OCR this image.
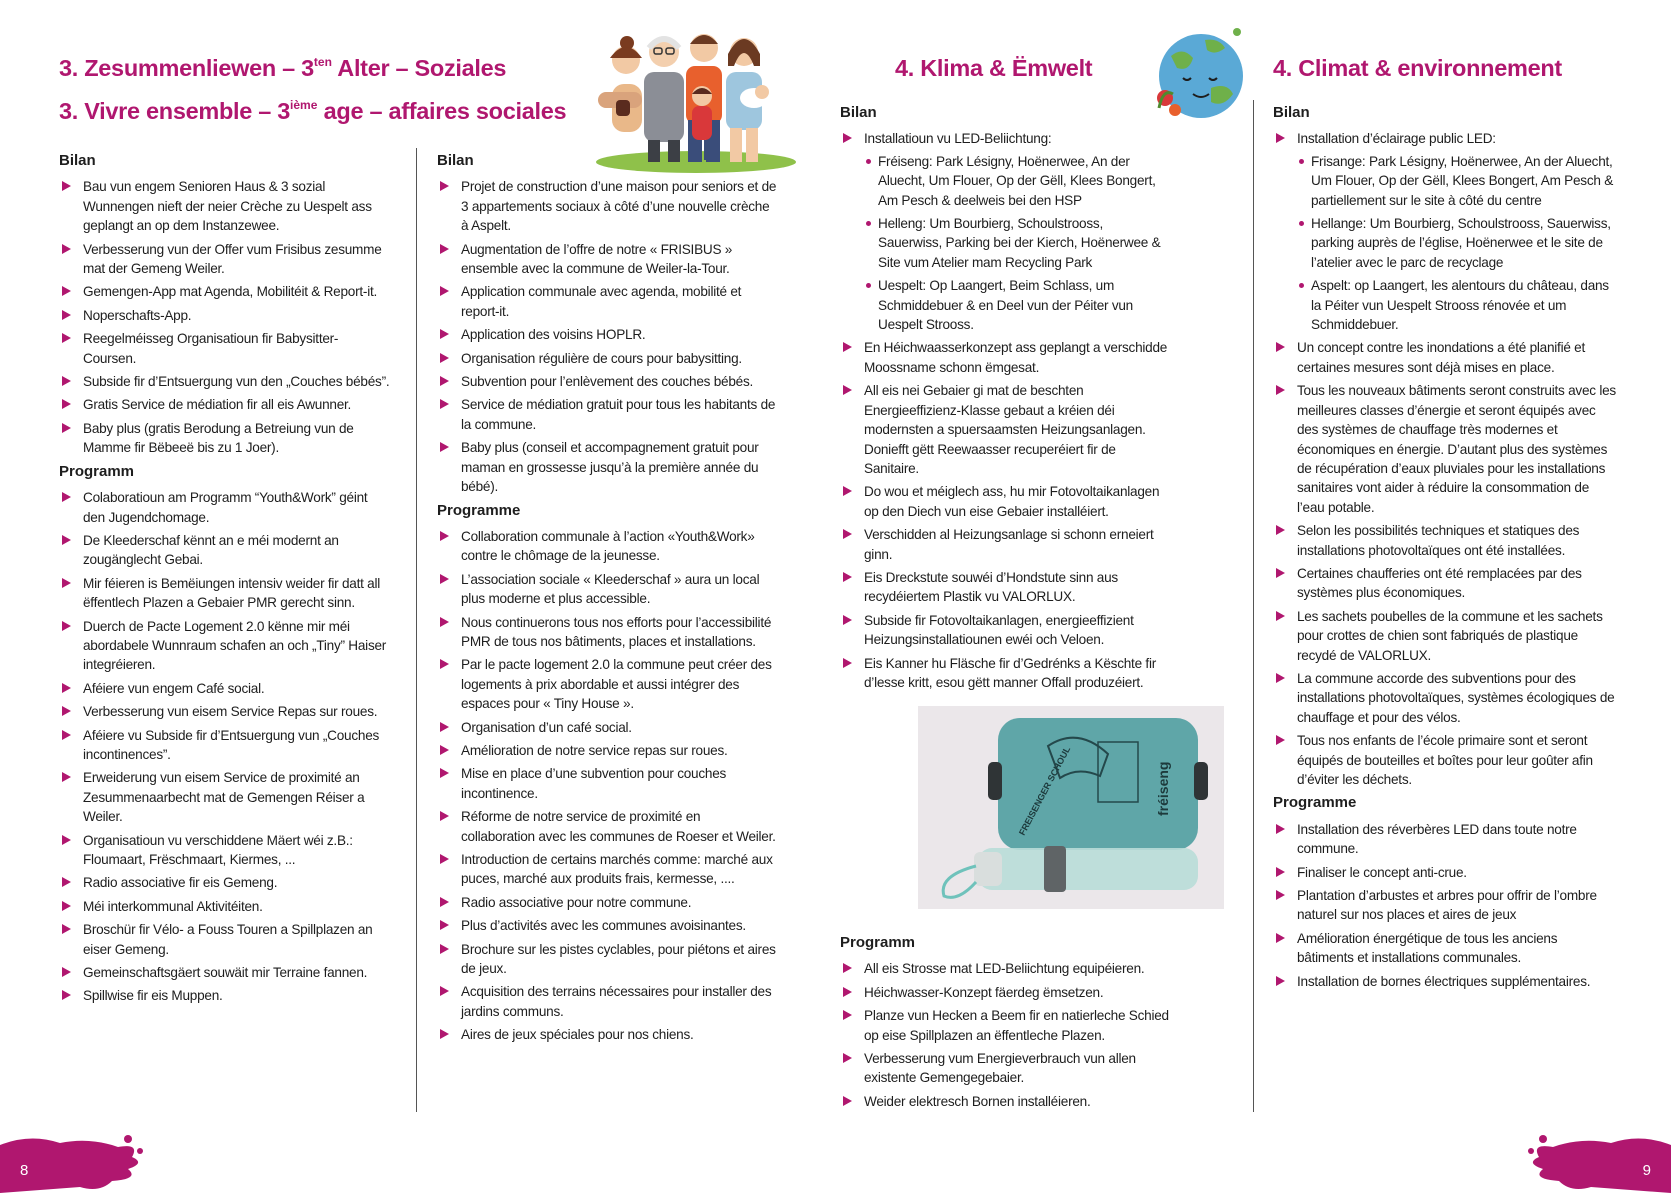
3. Zesummenliewen – $3^{ten}$ Alter – Soziales
3. Vivre ensemble – 3ième age – affaires sociales
Bilan
Bau vun engem Senioren Haus & 3 sozial Wunnengen nieft der neier Crèche zu Uespelt ass geplangt an op dem Instanzewee.
Verbesserung vun der Offer vum Frisibus zesumme mat der Gemeng Weiler.
Gemengen-App mat Agenda, Mobilitéit & Report-it.
Noperschafts-App.
Reegelméisseg Organisatioun fir Babysitter-Coursen.
Subside fir d’Entsuergung vun den „Couches bébés”.
Gratis Service de médiation fir all eis Awunner.
Baby plus (gratis Berodung a Betreiung vun de Mamme fir Bëbeeë bis zu 1 Joer).
Programm
Colaboratioun am Programm “Youth&Work” géint den Jugendchomage.
De Kleederschaf kënnt an e méi modernt an zougänglecht Gebai.
Mir féieren is Bemëiungen intensiv weider fir datt all ëffentlech Plazen a Gebaier PMR gerecht sinn.
Duerch de Pacte Logement 2.0 kënne mir méi abordabele Wunnraum schafen an och „Tiny” Haiser integréieren.
Aféiere vun engem Café social.
Verbesserung vun eisem Service Repas sur roues.
Aféiere vu Subside fir d’Entsuergung vun „Couches incontinences”.
Erweiderung vun eisem Service de proximité an Zesummenaarbecht mat de Gemengen Réiser a Weiler.
Organisatioun vu verschiddene Mäert wéi z.B.: Floumaart, Frëschmaart, Kiermes, ...
Radio associative fir eis Gemeng.
Méi interkommunal Aktivitéiten.
Broschür fir Vélo- a Fouss Touren a Spillplazen an eiser Gemeng.
Gemeinschaftsgäert souwäit mir Terraine fannen.
Spillwise fir eis Muppen.
Bilan
Projet de construction d’une maison pour seniors et de 3 appartements sociaux à côté d’une nouvelle crèche à Aspelt.
Augmentation de l’offre de notre « FRISIBUS » ensemble avec la commune de Weiler-la-Tour.
Application communale avec agenda, mobilité et report-it.
Application des voisins HOPLR.
Organisation régulière de cours pour babysitting.
Subvention pour l’enlèvement des couches bébés.
Service de médiation gratuit pour tous les habitants de la commune.
Baby plus (conseil et accompagnement gratuit pour maman en grossesse jusqu’à la première année du bébé).
Programme
Collaboration communale à l’action «Youth&Work» contre le chômage de la jeunesse.
L’association sociale « Kleederschaf » aura un local plus moderne et plus accessible.
Nous continuerons tous nos efforts pour l’accessibilité PMR de tous nos bâtiments, places et installations.
Par le pacte logement 2.0 la commune peut créer des logements à prix abordable et aussi intégrer des espaces pour « Tiny House ».
Organisation d’un café social.
Amélioration de notre service repas sur roues.
Mise en place d’une subvention pour couches incontinence.
Réforme de notre service de proximité en collaboration avec les communes de Roeser et Weiler.
Introduction de certains marchés comme: marché aux puces, marché aux produits frais, kermesse, ....
Radio associative pour notre commune.
Plus d’activités avec les communes avoisinantes.
Brochure sur les pistes cyclables, pour piétons et aires de jeux.
Acquisition des terrains nécessaires pour installer des jardins communs.
Aires de jeux spéciales pour nos chiens.
8
4. Klima & Ëmwelt	4. Climat & environnement
Bilan
Installatioun vu LED-Beliichtung:
Fréiseng: Park Lésigny, Hoënerwee, An der Aluecht, Um Flouer, Op der Gëll, Klees Bongert, Am Pesch & deelweis bei den HSP
Helleng: Um Bourbierg, Schoulstrooss, Sauerwiss, Parking bei der Kierch, Hoënerwee & Site vum Atelier mam Recycling Park
Uespelt: Op Laangert, Beim Schlass, um Schmiddebuer & en Deel vun der Péiter vun Uespelt Strooss.
En Héichwaasserkonzept ass geplangt a verschidde Moossname schonn ëmgesat.
All eis nei Gebaier gi mat de beschten Energieeffizienz-Klasse gebaut a kréien déi modernsten a spuersaamsten Heizungsanlagen. Doniefft gëtt Reewaasser recuperéiert fir de Sanitaire.
Do wou et méiglech ass, hu mir Fotovoltaikanlagen op den Diech vun eise Gebaier installéiert.
Verschidden al Heizungsanlage si schonn erneiert ginn.
Eis Dreckstute souwéi d’Hondstute sinn aus recydéiertem Plastik vu VALORLUX.
Subside fir Fotovoltaikanlagen, energieeffizient Heizungsinstallatiounen ewéi och Veloen.
Eis Kanner hu Fläsche fir d’Gedrénks a Këschte fir d’lesse kritt, esou gëtt manner Offall produzéiert.
fréiseng
FREISENGER SCHOUL
Programm
All eis Strosse mat LED-Beliichtung equipéieren.
Héichwasser-Konzept fäerdeg ëmsetzen.
Planze vun Hecken a Beem fir en natierleche Schied op eise Spillplazen an ëffentleche Plazen.
Verbesserung vum Energieverbrauch vun allen existente Gemengegebaier.
Weider elektresch Bornen installéieren.
Bilan
Installation d’éclairage public LED:
Frisange: Park Lésigny, Hoënerwee, An der Aluecht, Um Flouer, Op der Gëll, Klees Bongert, Am Pesch & partiellement sur le site à côté du centre
Hellange: Um Bourbierg, Schoulstrooss, Sauerwiss, parking auprès de l’église, Hoënerwee et le site de l’atelier avec le parc de recyclage
Aspelt: op Laangert, les alentours du château, dans la Péiter vun Uespelt Strooss rénovée et um Schmiddebuer.
Un concept contre les inondations a été planifié et certaines mesures sont déjà mises en place.
Tous les nouveaux bâtiments seront construits avec les meilleures classes d’énergie et seront équipés avec des systèmes de chauffage très modernes et économiques en énergie. D’autant plus des systèmes de récupération d’eaux pluviales pour les installations sanitaires vont aider à réduire la consommation de l’eau potable.
Selon les possibilités techniques et statiques des installations photovoltaïques ont été installées.
Certaines chaufferies ont été remplacées par des systèmes plus économiques.
Les sachets poubelles de la commune et les sachets pour crottes de chien sont fabriqués de plastique recydé de VALORLUX.
La commune accorde des subventions pour des installations photovoltaïques, systèmes écologiques de chauffage et pour des vélos.
Tous nos enfants de l’école primaire sont et seront équipés de bouteilles et boîtes pour leur goûter afin d’éviter les déchets.
Programme
Installation des réverbères LED dans toute notre commune.
Finaliser le concept anti-crue.
Plantation d’arbustes et arbres pour offrir de l’ombre naturel sur nos places et aires de jeux
Amélioration énergétique de tous les anciens bâtiments et installations communales.
Installation de bornes électriques supplémentaires.
9
